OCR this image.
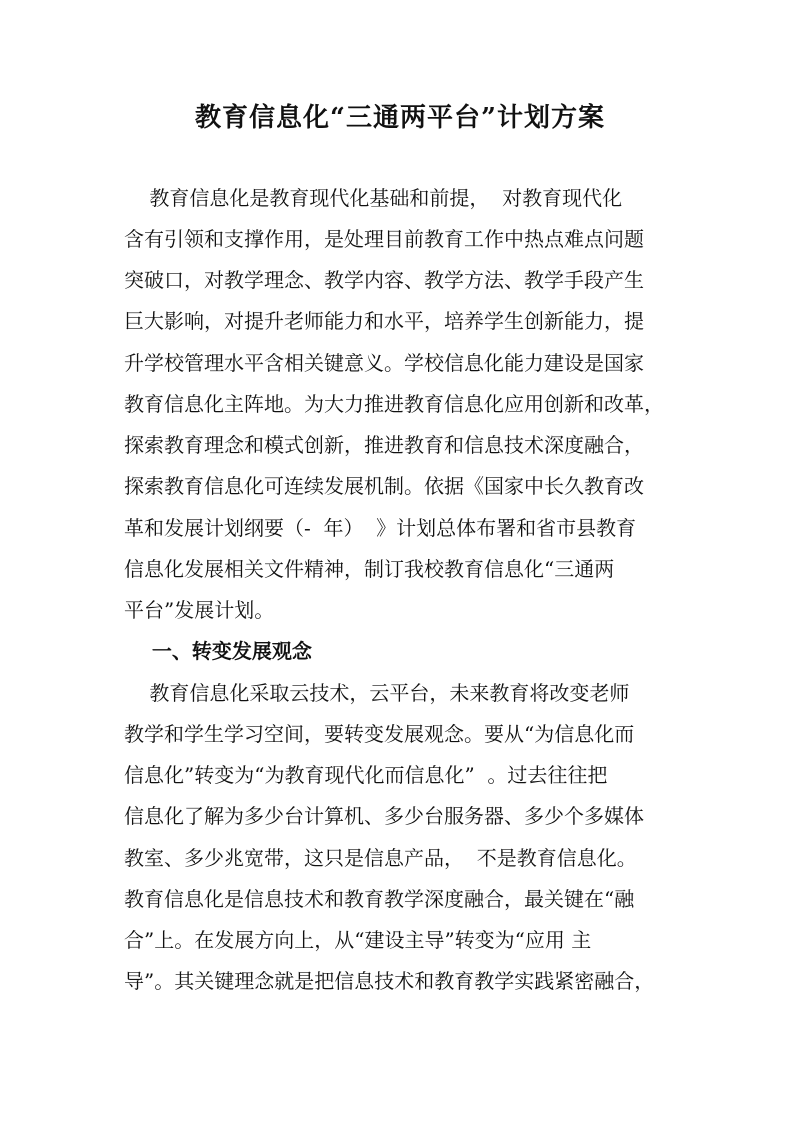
教育信息化“三通两平台”计划方案
教育信息化是教育现代化基础和前提，  对教育现代化
含有引领和支撑作用，是处理目前教育工作中热点难点问题
突破口，对教学理念、教学内容、教学方法、教学手段产生
巨大影响，对提升老师能力和水平，培养学生创新能力，提
升学校管理水平含相关键意义。学校信息化能力建设是国家
教育信息化主阵地。为大力推进教育信息化应用创新和改革，
探索教育理念和模式创新，推进教育和信息技术深度融合，
探索教育信息化可连续发展机制。依据《国家中长久教育改
革和发展计划纲要（-  年）  》计划总体布署和省市县教育
信息化发展相关文件精神，制订我校教育信息化“三通两
平台”发展计划。
一、转变发展观念
教育信息化采取云技术，云平台，未来教育将改变老师
教学和学生学习空间，要转变发展观念。要从“为信息化而
信息化”转变为“为教育现代化而信息化”  。过去往往把
信息化了解为多少台计算机、多少台服务器、多少个多媒体
教室、多少兆宽带，这只是信息产品，  不是教育信息化。
教育信息化是信息技术和教育教学深度融合，最关键在“融
合”上。在发展方向上，从“建设主导”转变为“应用 主
导”。其关键理念就是把信息技术和教育教学实践紧密融合，
